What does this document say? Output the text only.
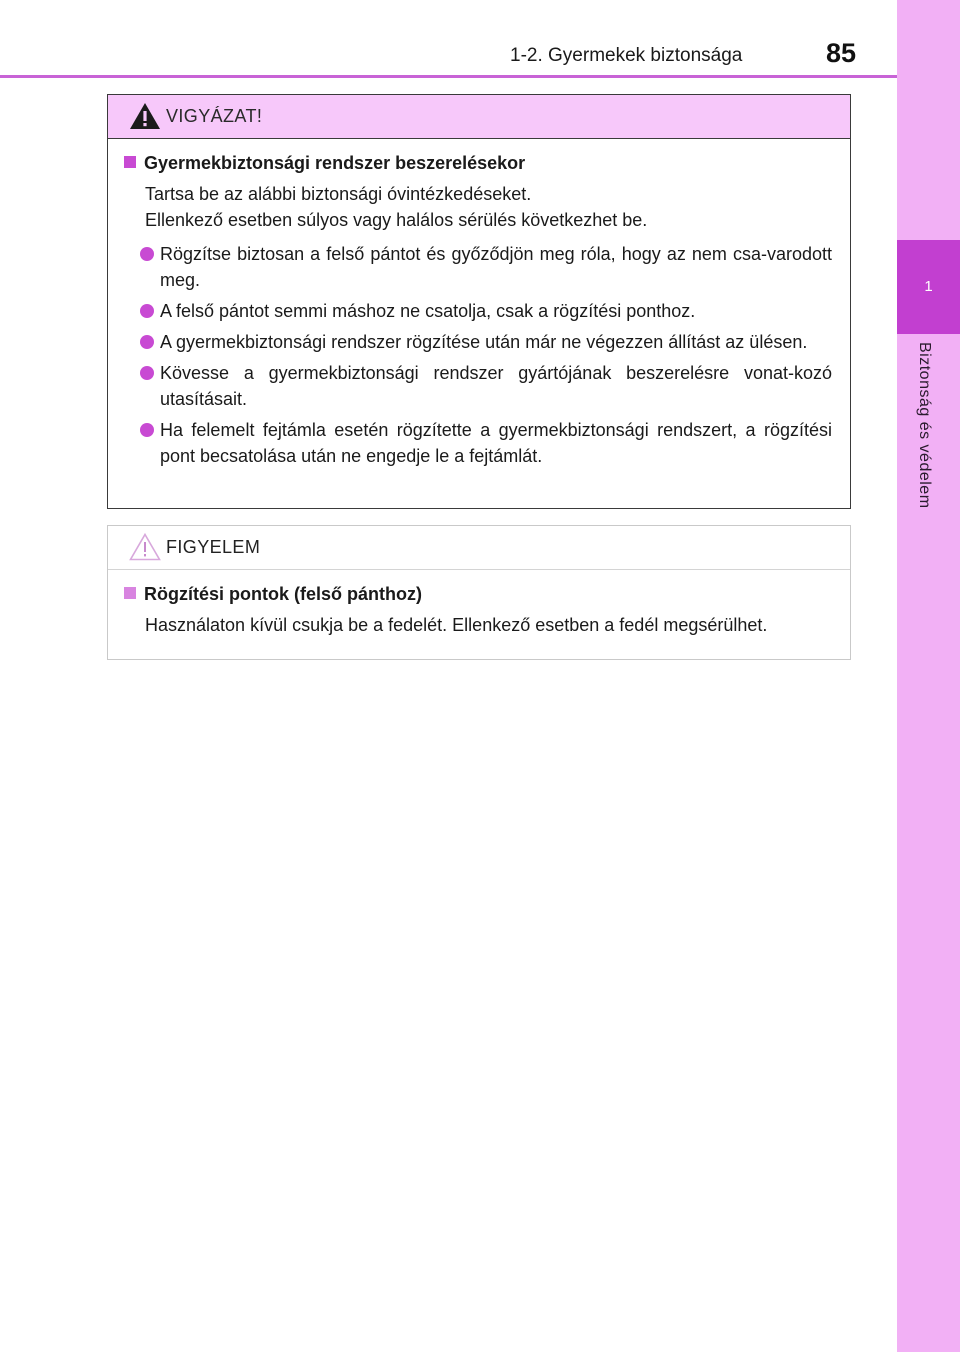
1
Biztonság és védelem
1-2. Gyermekek biztonsága	85
VIGYÁZAT!
Gyermekbiztonsági rendszer beszerelésekor
Tartsa be az alábbi biztonsági óvintézkedéseket.
Ellenkező esetben súlyos vagy halálos sérülés következhet be.
Rögzítse biztosan a felső pántot és győződjön meg róla, hogy az nem csa-varodott meg.
A felső pántot semmi máshoz ne csatolja, csak a rögzítési ponthoz.
A gyermekbiztonsági rendszer rögzítése után már ne végezzen állítást az ülésen.
Kövesse a gyermekbiztonsági rendszer gyártójának beszerelésre vonat-kozó utasításait.
Ha felemelt fejtámla esetén rögzítette a gyermekbiztonsági rendszert, a rögzítési pont becsatolása után ne engedje le a fejtámlát.
FIGYELEM
Rögzítési pontok (felső pánthoz)
Használaton kívül csukja be a fedelét. Ellenkező esetben a fedél megsérülhet.
